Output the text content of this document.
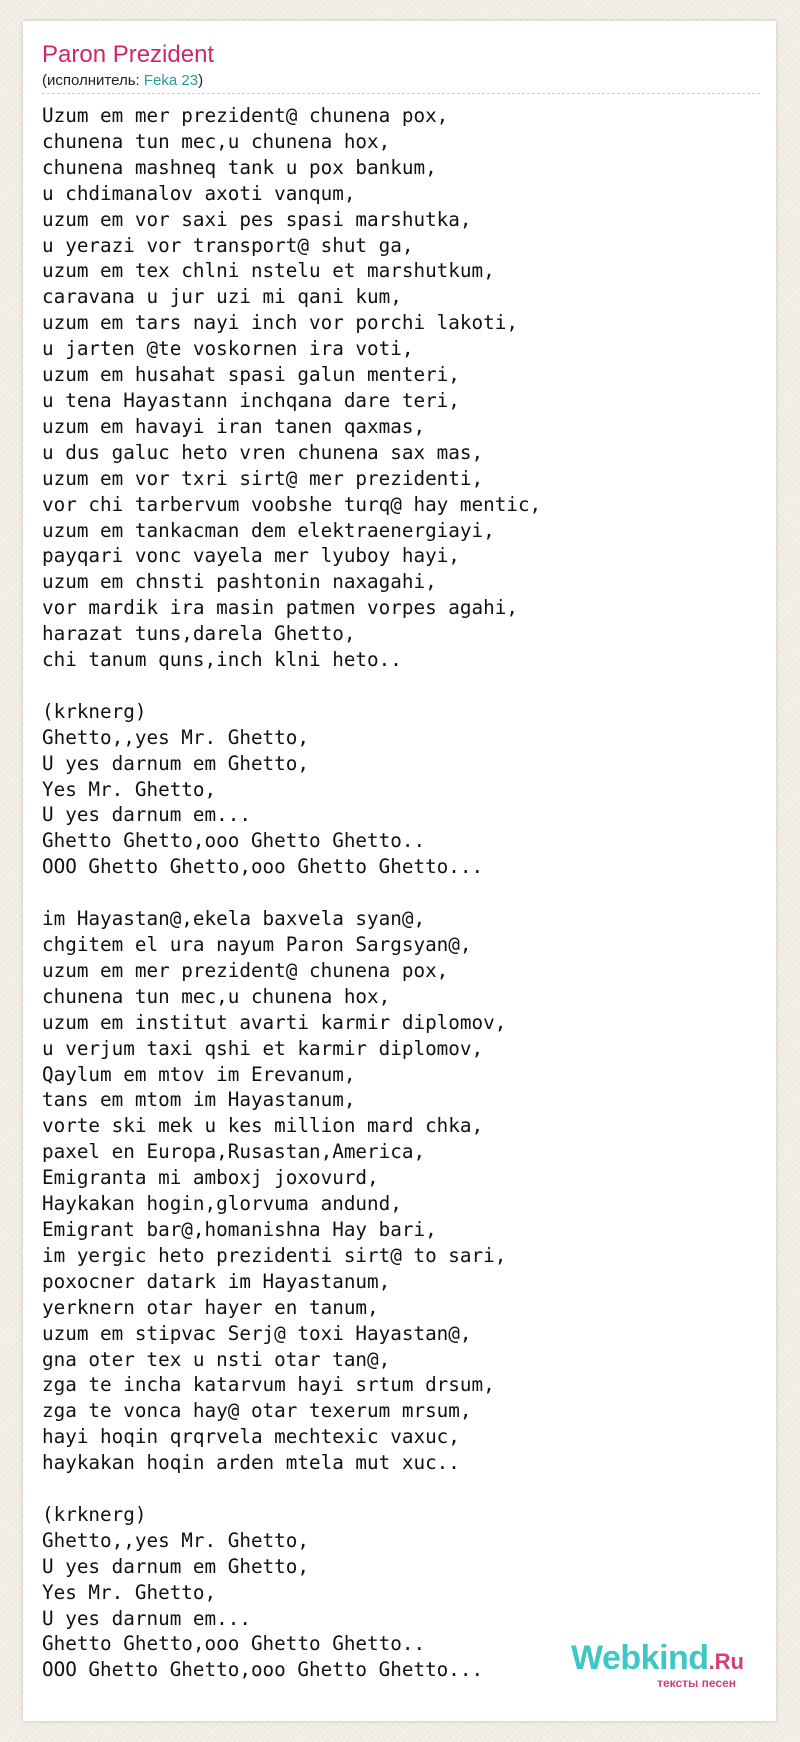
Paron Prezident
(исполнитель: Feka 23)
Uzum em mer prezident@ chunena pox,
chunena tun mec,u chunena hox,
chunena mashneq tank u pox bankum,
u chdimanalov axoti vanqum,
uzum em vor saxi pes spasi marshutka,
u yerazi vor transport@ shut ga,
uzum em tex chlni nstelu et marshutkum,
caravana u jur uzi mi qani kum,
uzum em tars nayi inch vor porchi lakoti,
u jarten @te voskornen ira voti,
uzum em husahat spasi galun menteri,
u tena Hayastann inchqana dare teri,
uzum em havayi iran tanen qaxmas,
u dus galuc heto vren chunena sax mas,
uzum em vor txri sirt@ mer prezidenti,
vor chi tarbervum voobshe turq@ hay mentic,
uzum em tankacman dem elektraenergiayi,
payqari vonc vayela mer lyuboy hayi,
uzum em chnsti pashtonin naxagahi,
vor mardik ira masin patmen vorpes agahi,
harazat tuns,darela Ghetto,
chi tanum quns,inch klni heto..

(krknerg)
Ghetto,,yes Mr. Ghetto,
U yes darnum em Ghetto,
Yes Mr. Ghetto,
U yes darnum em...
Ghetto Ghetto,ooo Ghetto Ghetto..
OOO Ghetto Ghetto,ooo Ghetto Ghetto...

im Hayastan@,ekela baxvela syan@,
chgitem el ura nayum Paron Sargsyan@,
uzum em mer prezident@ chunena pox,
chunena tun mec,u chunena hox,
uzum em institut avarti karmir diplomov,
u verjum taxi qshi et karmir diplomov,
Qaylum em mtov im Erevanum,
tans em mtom im Hayastanum,
vorte ski mek u kes million mard chka,
paxel en Europa,Rusastan,America,
Emigranta mi amboxj joxovurd,
Haykakan hogin,glorvuma andund,
Emigrant bar@,homanishna Hay bari,
im yergic heto prezidenti sirt@ to sari,
poxocner datark im Hayastanum,
yerknern otar hayer en tanum,
uzum em stipvac Serj@ toxi Hayastan@,
gna oter tex u nsti otar tan@,
zga te incha katarvum hayi srtum drsum,
zga te vonca hay@ otar texerum mrsum,
hayi hoqin qrqrvela mechtexic vaxuc,
haykakan hoqin arden mtela mut xuc..

(krknerg)
Ghetto,,yes Mr. Ghetto,
U yes darnum em Ghetto,
Yes Mr. Ghetto,
U yes darnum em...
Ghetto Ghetto,ooo Ghetto Ghetto..
OOO Ghetto Ghetto,ooo Ghetto Ghetto...	Webkind.Ru
тексты песен
